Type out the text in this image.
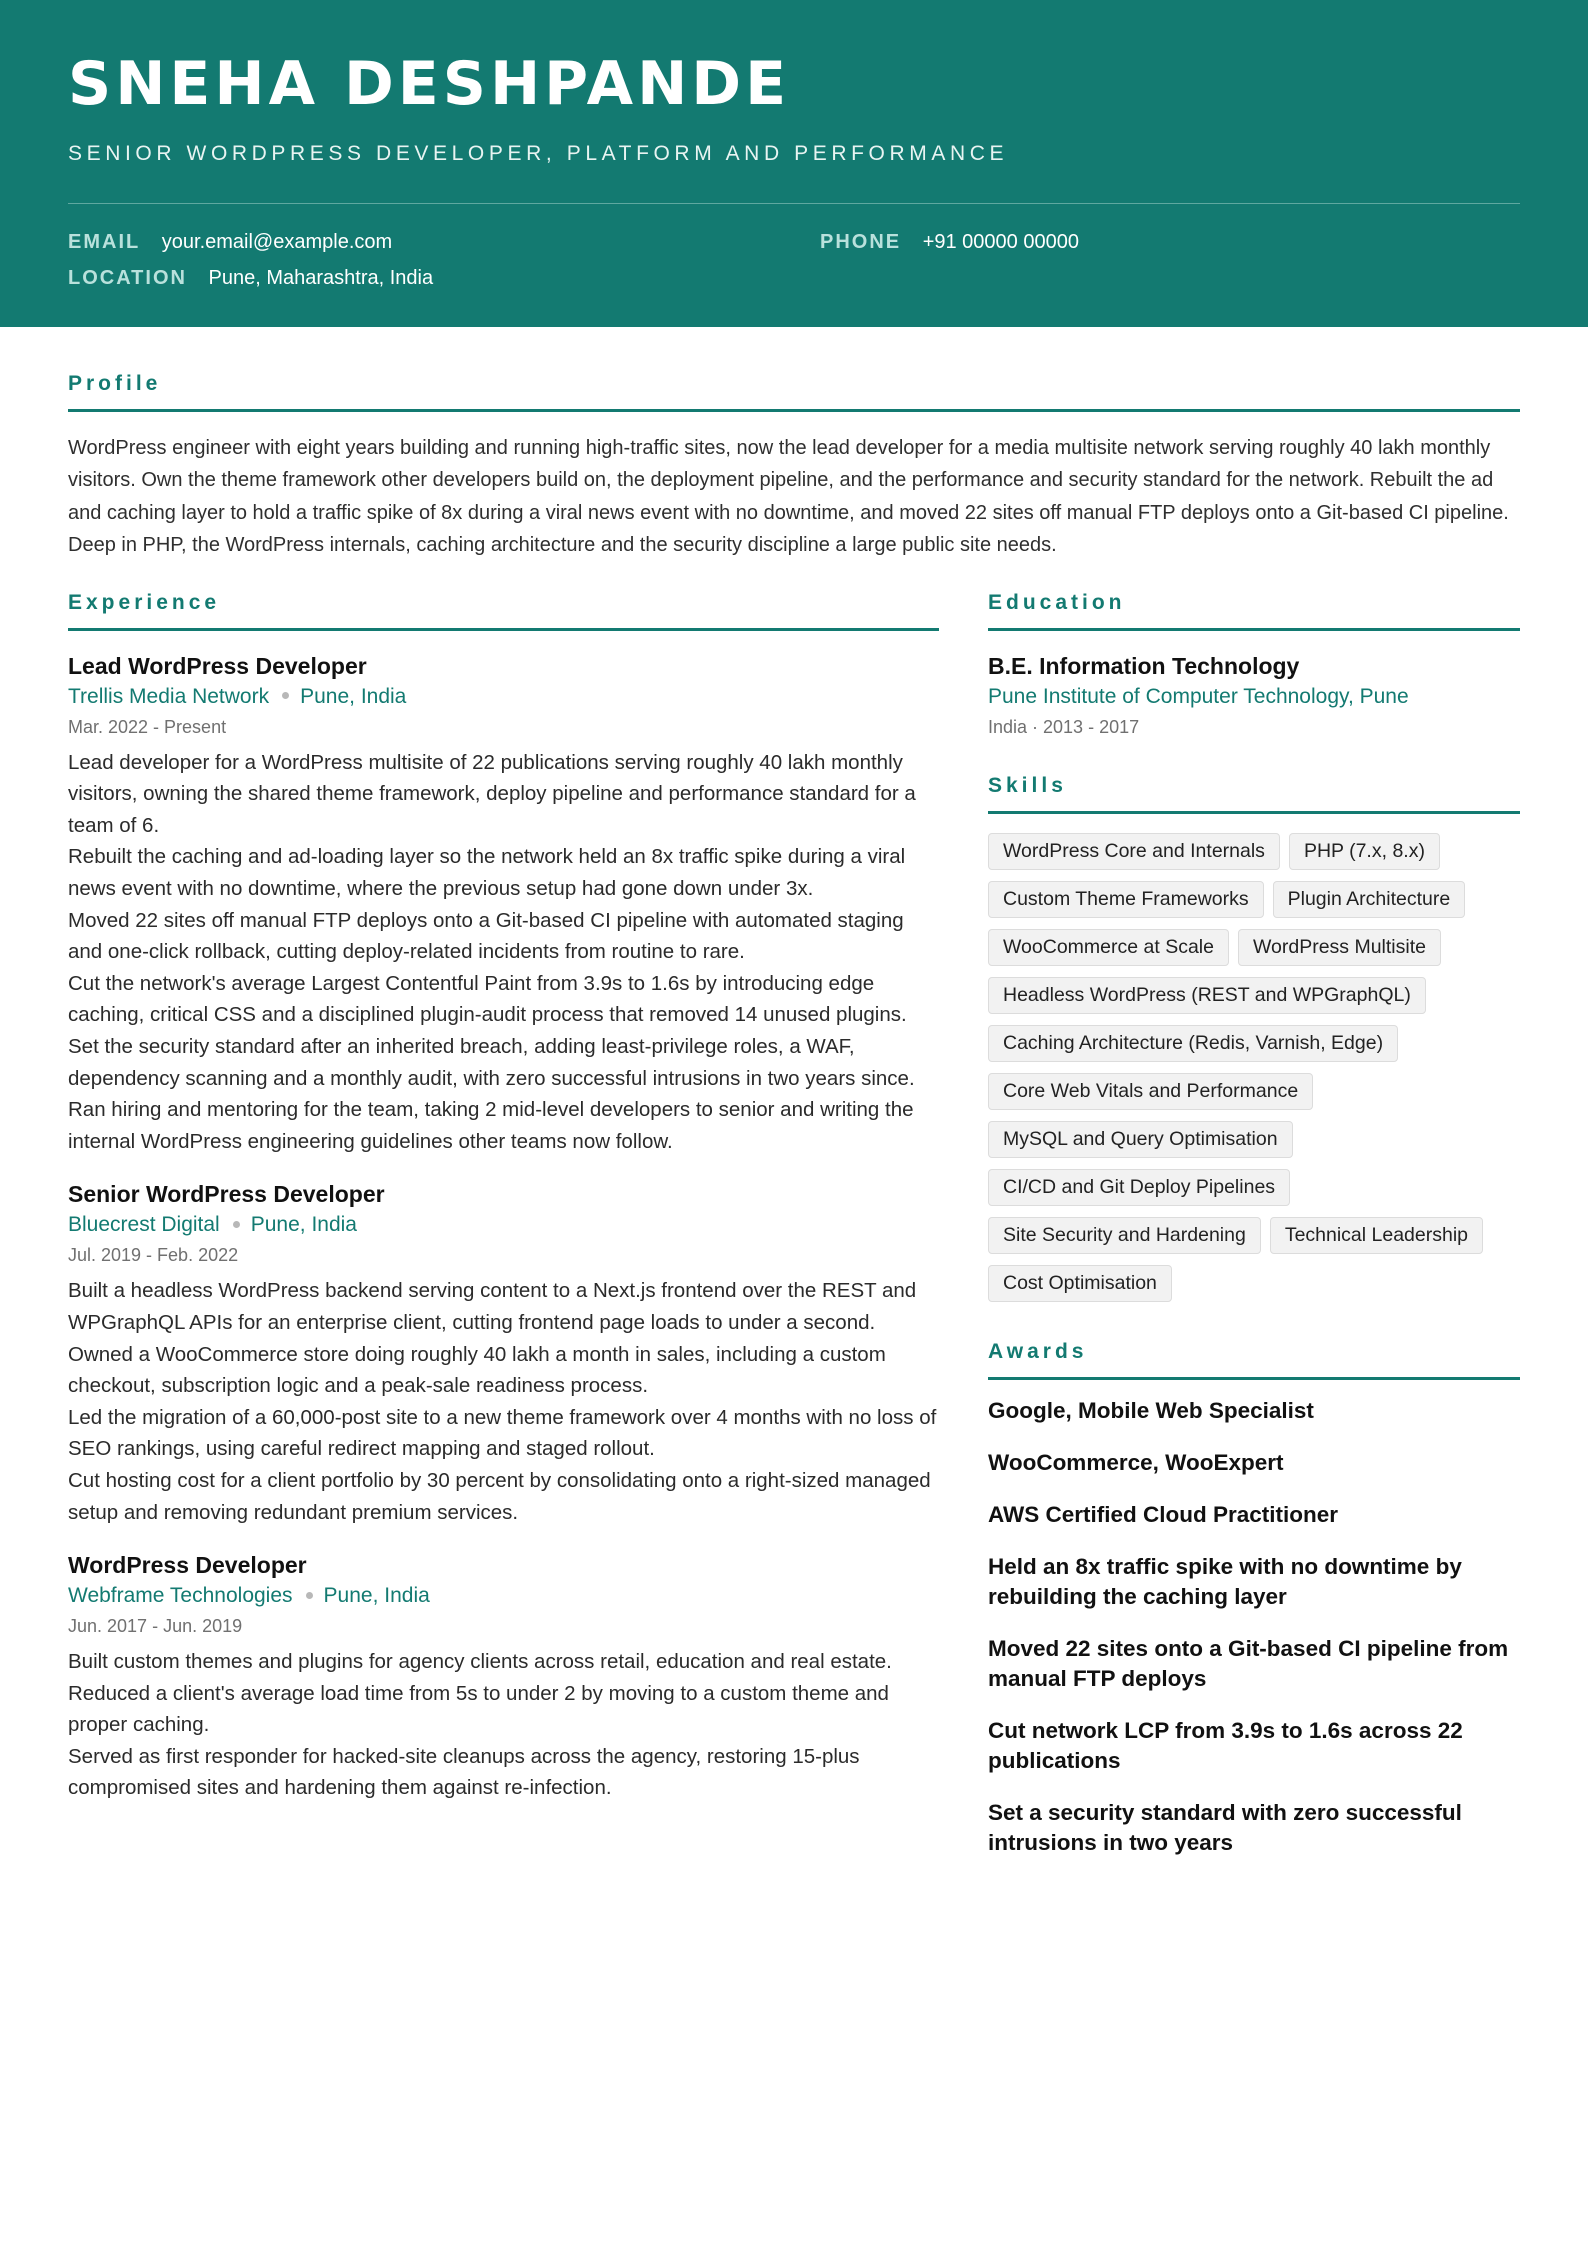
SNEHA DESHPANDE
SENIOR WORDPRESS DEVELOPER, PLATFORM AND PERFORMANCE
EMAIL your.email@example.com	PHONE +91 00000 00000
LOCATION Pune, Maharashtra, India
Profile

WordPress engineer with eight years building and running high-traffic sites, now the lead developer for a media multisite network serving roughly 40 lakh monthly visitors. Own the theme framework other developers build on, the deployment pipeline, and the performance and security standard for the network. Rebuilt the ad and caching layer to hold a traffic spike of 8x during a viral news event with no downtime, and moved 22 sites off manual FTP deploys onto a Git-based CI pipeline. Deep in PHP, the WordPress internals, caching architecture and the security discipline a large public site needs.

Experience
Lead WordPress Developer
Trellis Media Network Pune, India
Mar. 2022 - Present
Lead developer for a WordPress multisite of 22 publications serving roughly 40 lakh monthly visitors, owning the shared theme framework, deploy pipeline and performance standard for a team of 6.
Rebuilt the caching and ad-loading layer so the network held an 8x traffic spike during a viral news event with no downtime, where the previous setup had gone down under 3x.
Moved 22 sites off manual FTP deploys onto a Git-based CI pipeline with automated staging and one-click rollback, cutting deploy-related incidents from routine to rare.
Cut the network's average Largest Contentful Paint from 3.9s to 1.6s by introducing edge caching, critical CSS and a disciplined plugin-audit process that removed 14 unused plugins.
Set the security standard after an inherited breach, adding least-privilege roles, a WAF, dependency scanning and a monthly audit, with zero successful intrusions in two years since.
Ran hiring and mentoring for the team, taking 2 mid-level developers to senior and writing the internal WordPress engineering guidelines other teams now follow.
Senior WordPress Developer
Bluecrest Digital Pune, India
Jul. 2019 - Feb. 2022
Built a headless WordPress backend serving content to a Next.js frontend over the REST and WPGraphQL APIs for an enterprise client, cutting frontend page loads to under a second.
Owned a WooCommerce store doing roughly 40 lakh a month in sales, including a custom checkout, subscription logic and a peak-sale readiness process.
Led the migration of a 60,000-post site to a new theme framework over 4 months with no loss of SEO rankings, using careful redirect mapping and staged rollout.
Cut hosting cost for a client portfolio by 30 percent by consolidating onto a right-sized managed setup and removing redundant premium services.
WordPress Developer
Webframe Technologies Pune, India
Jun. 2017 - Jun. 2019
Built custom themes and plugins for agency clients across retail, education and real estate.
Reduced a client's average load time from 5s to under 2 by moving to a custom theme and proper caching.
Served as first responder for hacked-site cleanups across the agency, restoring 15-plus compromised sites and hardening them against re-infection.
Education
B.E. Information Technology
Pune Institute of Computer Technology, Pune
India · 2013 - 2017
Skills
WordPress Core and Internals	PHP (7.x, 8.x)
Custom Theme Frameworks	Plugin Architecture
WooCommerce at Scale	WordPress Multisite
Headless WordPress (REST and WPGraphQL)
Caching Architecture (Redis, Varnish, Edge)
Core Web Vitals and Performance
MySQL and Query Optimisation
CI/CD and Git Deploy Pipelines
Site Security and Hardening	Technical Leadership
Cost Optimisation
Awards
Google, Mobile Web Specialist
WooCommerce, WooExpert
AWS Certified Cloud Practitioner
Held an 8x traffic spike with no downtime by rebuilding the caching layer
Moved 22 sites onto a Git-based CI pipeline from manual FTP deploys
Cut network LCP from 3.9s to 1.6s across 22 publications
Set a security standard with zero successful intrusions in two years
